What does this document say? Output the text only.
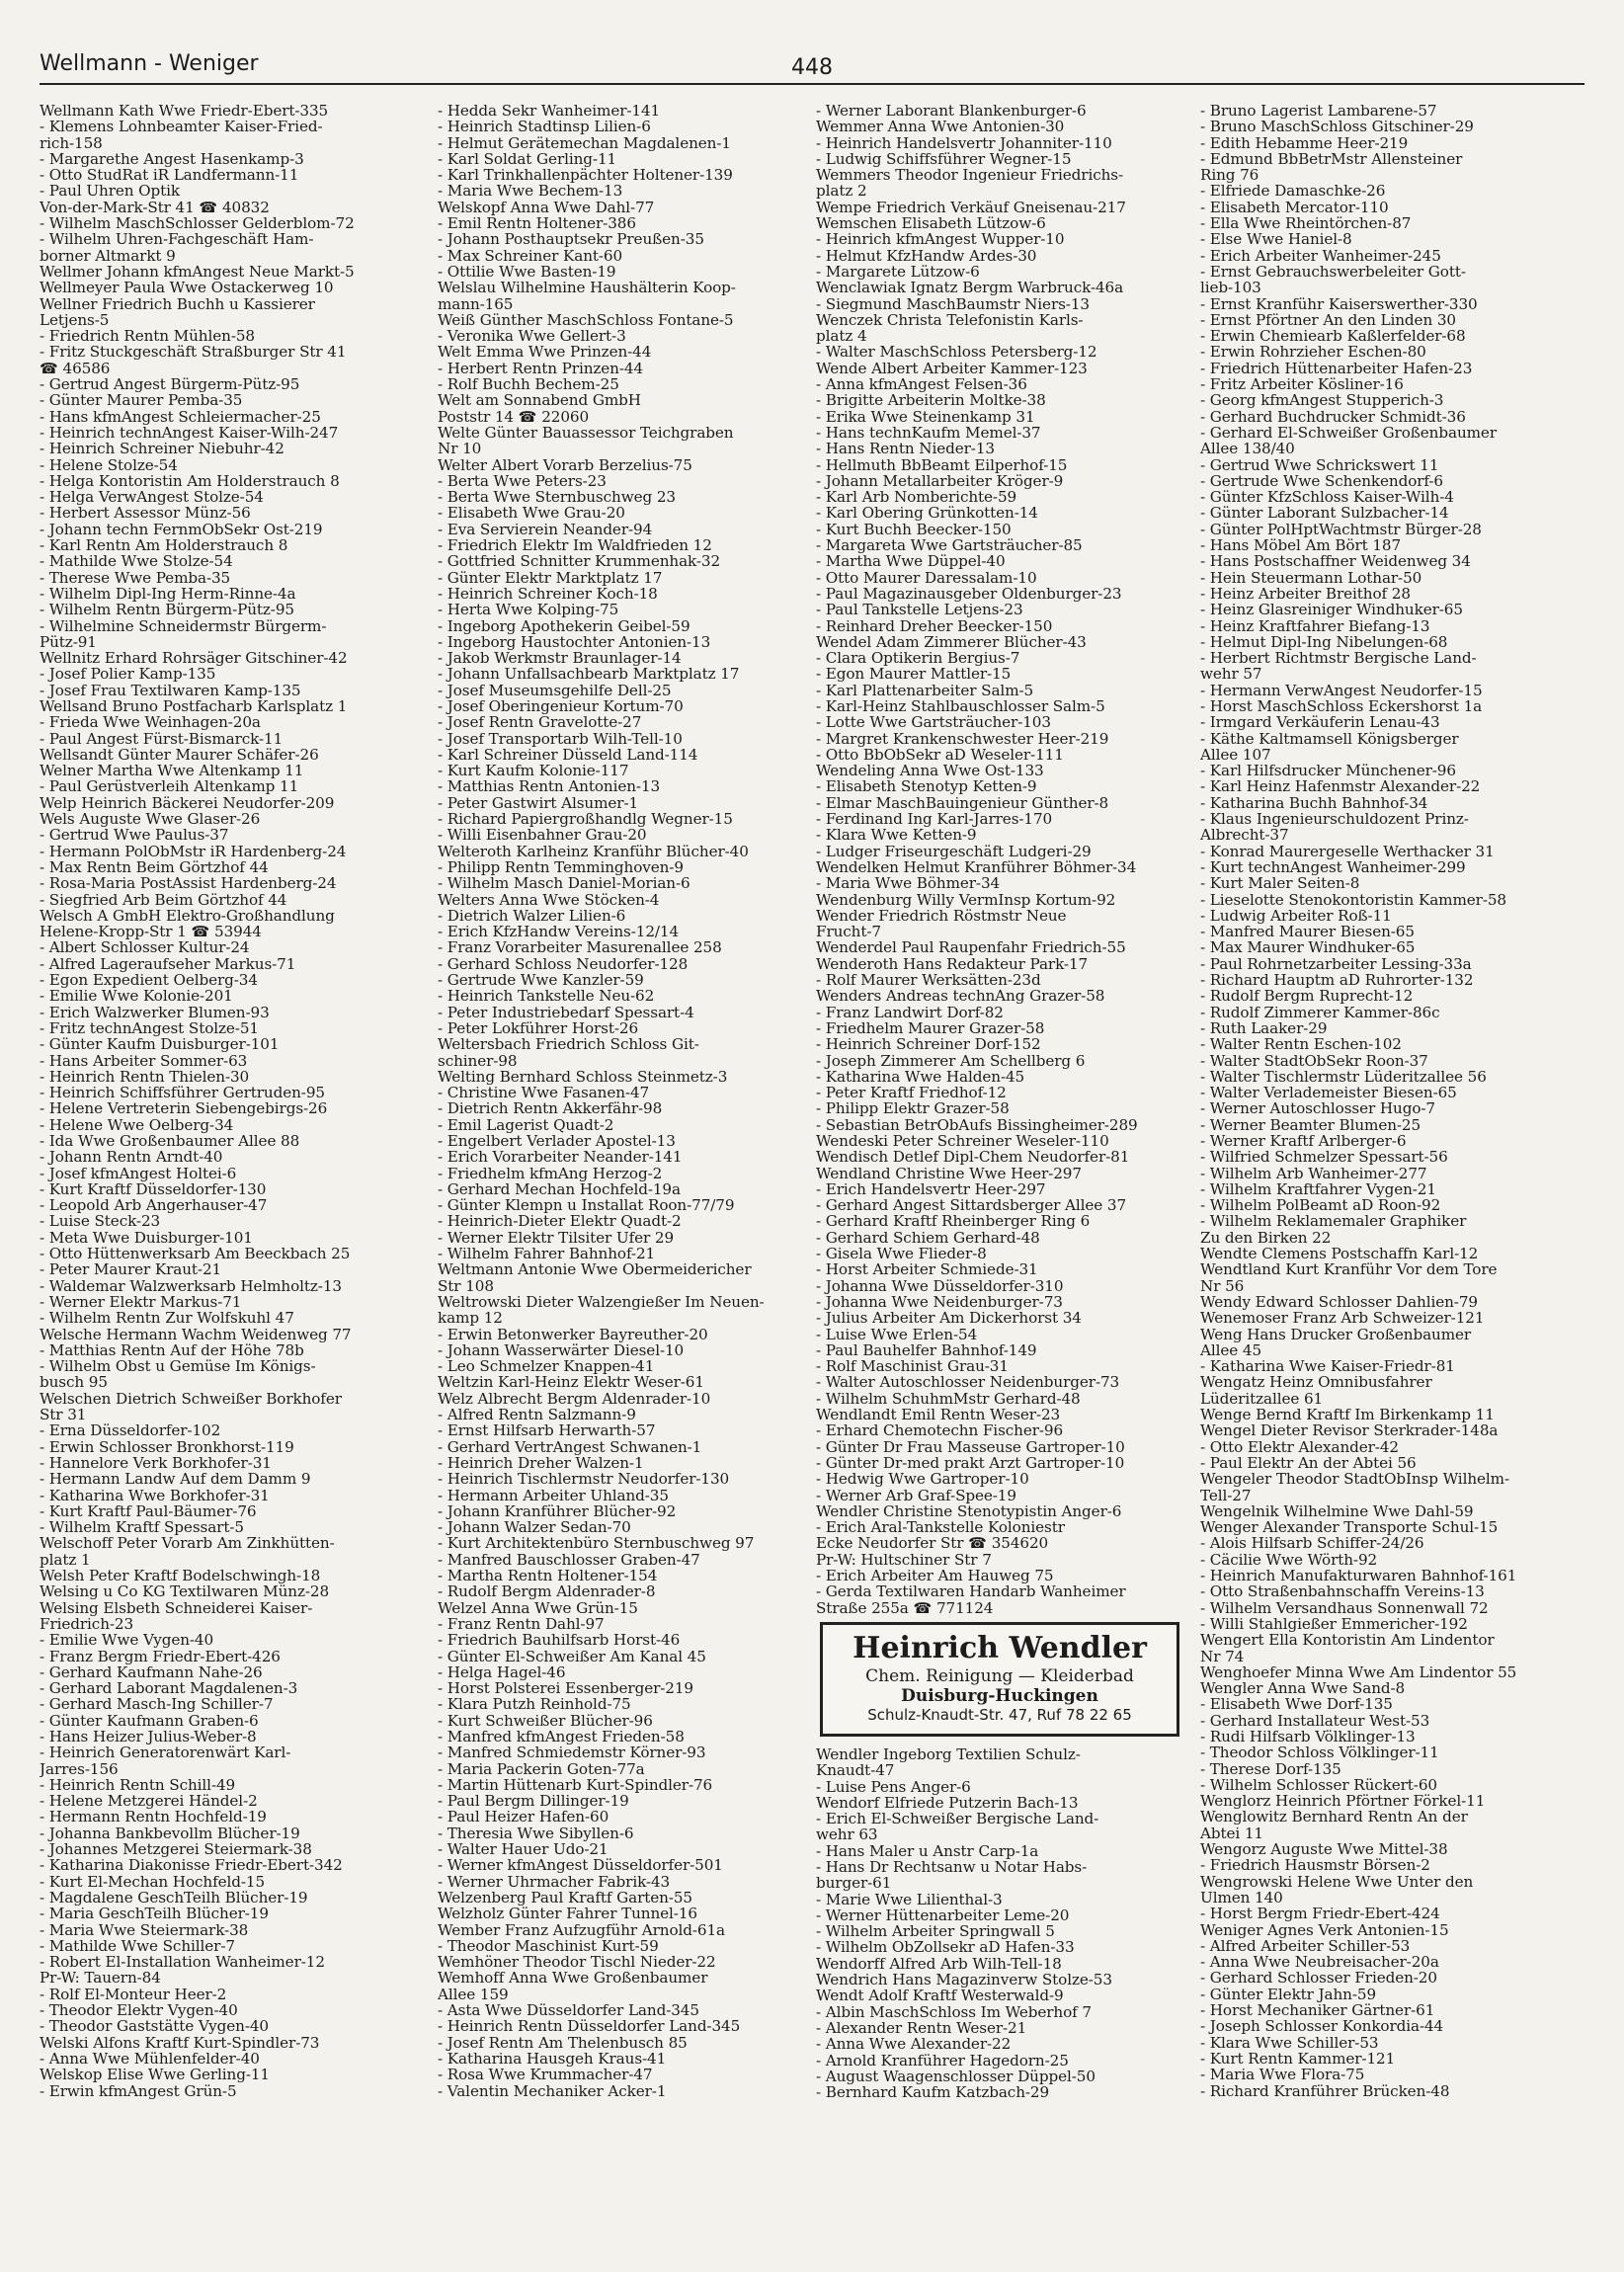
Wellmann - Weniger	448
Wellmann Kath Wwe Friedr-Ebert-335
- Klemens Lohnbeamter Kaiser-Fried-
rich-158
- Margarethe Angest Hasenkamp-3
- Otto StudRat iR Landfermann-11
- Paul Uhren Optik
Von-der-Mark-Str 41 ☎ 40832
- Wilhelm MaschSchlosser Gelderblom-72
- Wilhelm Uhren-Fachgeschäft Ham-
borner Altmarkt 9
Wellmer Johann kfmAngest Neue Markt-5
Wellmeyer Paula Wwe Ostackerweg 10
Wellner Friedrich Buchh u Kassierer
Letjens-5
- Friedrich Rentn Mühlen-58
- Fritz Stuckgeschäft Straßburger Str 41
☎ 46586
- Gertrud Angest Bürgerm-Pütz-95
- Günter Maurer Pemba-35
- Hans kfmAngest Schleiermacher-25
- Heinrich technAngest Kaiser-Wilh-247
- Heinrich Schreiner Niebuhr-42
- Helene Stolze-54
- Helga Kontoristin Am Holderstrauch 8
- Helga VerwAngest Stolze-54
- Herbert Assessor Münz-56
- Johann techn FernmObSekr Ost-219
- Karl Rentn Am Holderstrauch 8
- Mathilde Wwe Stolze-54
- Therese Wwe Pemba-35
- Wilhelm Dipl-Ing Herm-Rinne-4a
- Wilhelm Rentn Bürgerm-Pütz-95
- Wilhelmine Schneidermstr Bürgerm-
Pütz-91
Wellnitz Erhard Rohrsäger Gitschiner-42
- Josef Polier Kamp-135
- Josef Frau Textilwaren Kamp-135
Wellsand Bruno Postfacharb Karlsplatz 1
- Frieda Wwe Weinhagen-20a
- Paul Angest Fürst-Bismarck-11
Wellsandt Günter Maurer Schäfer-26
Welner Martha Wwe Altenkamp 11
- Paul Gerüstverleih Altenkamp 11
Welp Heinrich Bäckerei Neudorfer-209
Wels Auguste Wwe Glaser-26
- Gertrud Wwe Paulus-37
- Hermann PolObMstr iR Hardenberg-24
- Max Rentn Beim Görtzhof 44
- Rosa-Maria PostAssist Hardenberg-24
- Siegfried Arb Beim Görtzhof 44
Welsch A GmbH Elektro-Großhandlung
Helene-Kropp-Str 1 ☎ 53944
- Albert Schlosser Kultur-24
- Alfred Lageraufseher Markus-71
- Egon Expedient Oelberg-34
- Emilie Wwe Kolonie-201
- Erich Walzwerker Blumen-93
- Fritz technAngest Stolze-51
- Günter Kaufm Duisburger-101
- Hans Arbeiter Sommer-63
- Heinrich Rentn Thielen-30
- Heinrich Schiffsführer Gertruden-95
- Helene Vertreterin Siebengebirgs-26
- Helene Wwe Oelberg-34
- Ida Wwe Großenbaumer Allee 88
- Johann Rentn Arndt-40
- Josef kfmAngest Holtei-6
- Kurt Kraftf Düsseldorfer-130
- Leopold Arb Angerhauser-47
- Luise Steck-23
- Meta Wwe Duisburger-101
- Otto Hüttenwerksarb Am Beeckbach 25
- Peter Maurer Kraut-21
- Waldemar Walzwerksarb Helmholtz-13
- Werner Elektr Markus-71
- Wilhelm Rentn Zur Wolfskuhl 47
Welsche Hermann Wachm Weidenweg 77
- Matthias Rentn Auf der Höhe 78b
- Wilhelm Obst u Gemüse Im Königs-
busch 95
Welschen Dietrich Schweißer Borkhofer
Str 31
- Erna Düsseldorfer-102
- Erwin Schlosser Bronkhorst-119
- Hannelore Verk Borkhofer-31
- Hermann Landw Auf dem Damm 9
- Katharina Wwe Borkhofer-31
- Kurt Kraftf Paul-Bäumer-76
- Wilhelm Kraftf Spessart-5
Welschoff Peter Vorarb Am Zinkhütten-
platz 1
Welsh Peter Kraftf Bodelschwingh-18
Welsing u Co KG Textilwaren Münz-28
Welsing Elsbeth Schneiderei Kaiser-
Friedrich-23
- Emilie Wwe Vygen-40
- Franz Bergm Friedr-Ebert-426
- Gerhard Kaufmann Nahe-26
- Gerhard Laborant Magdalenen-3
- Gerhard Masch-Ing Schiller-7
- Günter Kaufmann Graben-6
- Hans Heizer Julius-Weber-8
- Heinrich Generatorenwärt Karl-
Jarres-156
- Heinrich Rentn Schill-49
- Helene Metzgerei Händel-2
- Hermann Rentn Hochfeld-19
- Johanna Bankbevollm Blücher-19
- Johannes Metzgerei Steiermark-38
- Katharina Diakonisse Friedr-Ebert-342
- Kurt El-Mechan Hochfeld-15
- Magdalene GeschTeilh Blücher-19
- Maria GeschTeilh Blücher-19
- Maria Wwe Steiermark-38
- Mathilde Wwe Schiller-7
- Robert El-Installation Wanheimer-12
Pr-W: Tauern-84
- Rolf El-Monteur Heer-2
- Theodor Elektr Vygen-40
- Theodor Gaststätte Vygen-40
Welski Alfons Kraftf Kurt-Spindler-73
- Anna Wwe Mühlenfelder-40
Welskop Elise Wwe Gerling-11
- Erwin kfmAngest Grün-5
- Hedda Sekr Wanheimer-141
- Heinrich Stadtinsp Lilien-6
- Helmut Gerätemechan Magdalenen-1
- Karl Soldat Gerling-11
- Karl Trinkhallenpächter Holtener-139
- Maria Wwe Bechem-13
Welskopf Anna Wwe Dahl-77
- Emil Rentn Holtener-386
- Johann Posthauptsekr Preußen-35
- Max Schreiner Kant-60
- Ottilie Wwe Basten-19
Welslau Wilhelmine Haushälterin Koop-
mann-165
Weiß Günther MaschSchloss Fontane-5
- Veronika Wwe Gellert-3
Welt Emma Wwe Prinzen-44
- Herbert Rentn Prinzen-44
- Rolf Buchh Bechem-25
Welt am Sonnabend GmbH
Poststr 14 ☎ 22060
Welte Günter Bauassessor Teichgraben
Nr 10
Welter Albert Vorarb Berzelius-75
- Berta Wwe Peters-23
- Berta Wwe Sternbuschweg 23
- Elisabeth Wwe Grau-20
- Eva Servierein Neander-94
- Friedrich Elektr Im Waldfrieden 12
- Gottfried Schnitter Krummenhak-32
- Günter Elektr Marktplatz 17
- Heinrich Schreiner Koch-18
- Herta Wwe Kolping-75
- Ingeborg Apothekerin Geibel-59
- Ingeborg Haustochter Antonien-13
- Jakob Werkmstr Braunlager-14
- Johann Unfallsachbearb Marktplatz 17
- Josef Museumsgehilfe Dell-25
- Josef Oberingenieur Kortum-70
- Josef Rentn Gravelotte-27
- Josef Transportarb Wilh-Tell-10
- Karl Schreiner Düsseld Land-114
- Kurt Kaufm Kolonie-117
- Matthias Rentn Antonien-13
- Peter Gastwirt Alsumer-1
- Richard Papiergroßhandlg Wegner-15
- Willi Eisenbahner Grau-20
Welteroth Karlheinz Kranführ Blücher-40
- Philipp Rentn Temminghoven-9
- Wilhelm Masch Daniel-Morian-6
Welters Anna Wwe Stöcken-4
- Dietrich Walzer Lilien-6
- Erich KfzHandw Vereins-12/14
- Franz Vorarbeiter Masurenallee 258
- Gerhard Schloss Neudorfer-128
- Gertrude Wwe Kanzler-59
- Heinrich Tankstelle Neu-62
- Peter Industriebedarf Spessart-4
- Peter Lokführer Horst-26
Weltersbach Friedrich Schloss Git-
schiner-98
Welting Bernhard Schloss Steinmetz-3
- Christine Wwe Fasanen-47
- Dietrich Rentn Akkerfähr-98
- Emil Lagerist Quadt-2
- Engelbert Verlader Apostel-13
- Erich Vorarbeiter Neander-141
- Friedhelm kfmAng Herzog-2
- Gerhard Mechan Hochfeld-19a
- Günter Klempn u Installat Roon-77/79
- Heinrich-Dieter Elektr Quadt-2
- Werner Elektr Tilsiter Ufer 29
- Wilhelm Fahrer Bahnhof-21
Weltmann Antonie Wwe Obermeidericher
Str 108
Weltrowski Dieter Walzengießer Im Neuen-
kamp 12
- Erwin Betonwerker Bayreuther-20
- Johann Wasserwärter Diesel-10
- Leo Schmelzer Knappen-41
Weltzin Karl-Heinz Elektr Weser-61
Welz Albrecht Bergm Aldenrader-10
- Alfred Rentn Salzmann-9
- Ernst Hilfsarb Herwarth-57
- Gerhard VertrAngest Schwanen-1
- Heinrich Dreher Walzen-1
- Heinrich Tischlermstr Neudorfer-130
- Hermann Arbeiter Uhland-35
- Johann Kranführer Blücher-92
- Johann Walzer Sedan-70
- Kurt Architektenbüro Sternbuschweg 97
- Manfred Bauschlosser Graben-47
- Martha Rentn Holtener-154
- Rudolf Bergm Aldenrader-8
Welzel Anna Wwe Grün-15
- Franz Rentn Dahl-97
- Friedrich Bauhilfsarb Horst-46
- Günter El-Schweißer Am Kanal 45
- Helga Hagel-46
- Horst Polsterei Essenberger-219
- Klara Putzh Reinhold-75
- Kurt Schweißer Blücher-96
- Manfred kfmAngest Frieden-58
- Manfred Schmiedemstr Körner-93
- Maria Packerin Goten-77a
- Martin Hüttenarb Kurt-Spindler-76
- Paul Bergm Dillinger-19
- Paul Heizer Hafen-60
- Theresia Wwe Sibyllen-6
- Walter Hauer Udo-21
- Werner kfmAngest Düsseldorfer-501
- Werner Uhrmacher Fabrik-43
Welzenberg Paul Kraftf Garten-55
Welzholz Günter Fahrer Tunnel-16
Wember Franz Aufzugführ Arnold-61a
- Theodor Maschinist Kurt-59
Wemhöner Theodor Tischl Nieder-22
Wemhoff Anna Wwe Großenbaumer
Allee 159
- Asta Wwe Düsseldorfer Land-345
- Heinrich Rentn Düsseldorfer Land-345
- Josef Rentn Am Thelenbusch 85
- Katharina Hausgeh Kraus-41
- Rosa Wwe Krummacher-47
- Valentin Mechaniker Acker-1
- Werner Laborant Blankenburger-6
Wemmer Anna Wwe Antonien-30
- Heinrich Handelsvertr Johanniter-110
- Ludwig Schiffsführer Wegner-15
Wemmers Theodor Ingenieur Friedrichs-
platz 2
Wempe Friedrich Verkäuf Gneisenau-217
Wemschen Elisabeth Lützow-6
- Heinrich kfmAngest Wupper-10
- Helmut KfzHandw Ardes-30
- Margarete Lützow-6
Wenclawiak Ignatz Bergm Warbruck-46a
- Siegmund MaschBaumstr Niers-13
Wenczek Christa Telefonistin Karls-
platz 4
- Walter MaschSchloss Petersberg-12
Wende Albert Arbeiter Kammer-123
- Anna kfmAngest Felsen-36
- Brigitte Arbeiterin Moltke-38
- Erika Wwe Steinenkamp 31
- Hans technKaufm Memel-37
- Hans Rentn Nieder-13
- Hellmuth BbBeamt Eilperhof-15
- Johann Metallarbeiter Kröger-9
- Karl Arb Nomberichte-59
- Karl Obering Grünkotten-14
- Kurt Buchh Beecker-150
- Margareta Wwe Gartsträucher-85
- Martha Wwe Düppel-40
- Otto Maurer Daressalam-10
- Paul Magazinausgeber Oldenburger-23
- Paul Tankstelle Letjens-23
- Reinhard Dreher Beecker-150
Wendel Adam Zimmerer Blücher-43
- Clara Optikerin Bergius-7
- Egon Maurer Mattler-15
- Karl Plattenarbeiter Salm-5
- Karl-Heinz Stahlbauschlosser Salm-5
- Lotte Wwe Gartsträucher-103
- Margret Krankenschwester Heer-219
- Otto BbObSekr aD Weseler-111
Wendeling Anna Wwe Ost-133
- Elisabeth Stenotyp Ketten-9
- Elmar MaschBauingenieur Günther-8
- Ferdinand Ing Karl-Jarres-170
- Klara Wwe Ketten-9
- Ludger Friseurgeschäft Ludgeri-29
Wendelken Helmut Kranführer Böhmer-34
- Maria Wwe Böhmer-34
Wendenburg Willy VermInsp Kortum-92
Wender Friedrich Röstmstr Neue
Frucht-7
Wenderdel Paul Raupenfahr Friedrich-55
Wenderoth Hans Redakteur Park-17
- Rolf Maurer Werksätten-23d
Wenders Andreas technAng Grazer-58
- Franz Landwirt Dorf-82
- Friedhelm Maurer Grazer-58
- Heinrich Schreiner Dorf-152
- Joseph Zimmerer Am Schellberg 6
- Katharina Wwe Halden-45
- Peter Kraftf Friedhof-12
- Philipp Elektr Grazer-58
- Sebastian BetrObAufs Bissingheimer-289
Wendeski Peter Schreiner Weseler-110
Wendisch Detlef Dipl-Chem Neudorfer-81
Wendland Christine Wwe Heer-297
- Erich Handelsvertr Heer-297
- Gerhard Angest Sittardsberger Allee 37
- Gerhard Kraftf Rheinberger Ring 6
- Gerhard Schiem Gerhard-48
- Gisela Wwe Flieder-8
- Horst Arbeiter Schmiede-31
- Johanna Wwe Düsseldorfer-310
- Johanna Wwe Neidenburger-73
- Julius Arbeiter Am Dickerhorst 34
- Luise Wwe Erlen-54
- Paul Bauhelfer Bahnhof-149
- Rolf Maschinist Grau-31
- Walter Autoschlosser Neidenburger-73
- Wilhelm SchuhmMstr Gerhard-48
Wendlandt Emil Rentn Weser-23
- Erhard Chemotechn Fischer-96
- Günter Dr Frau Masseuse Gartroper-10
- Günter Dr-med prakt Arzt Gartroper-10
- Hedwig Wwe Gartroper-10
- Werner Arb Graf-Spee-19
Wendler Christine Stenotypistin Anger-6
- Erich Aral-Tankstelle Koloniestr
Ecke Neudorfer Str ☎ 354620
Pr-W: Hultschiner Str 7
- Erich Arbeiter Am Hauweg 75
- Gerda Textilwaren Handarb Wanheimer
Straße 255a ☎ 771124
Heinrich Wendler
Chem. Reinigung — Kleiderbad
Duisburg-Huckingen
Schulz-Knaudt-Str. 47, Ruf 78 22 65
Wendler Ingeborg Textilien Schulz-
Knaudt-47
- Luise Pens Anger-6
Wendorf Elfriede Putzerin Bach-13
- Erich El-Schweißer Bergische Land-
wehr 63
- Hans Maler u Anstr Carp-1a
- Hans Dr Rechtsanw u Notar Habs-
burger-61
- Marie Wwe Lilienthal-3
- Werner Hüttenarbeiter Leme-20
- Wilhelm Arbeiter Springwall 5
- Wilhelm ObZollsekr aD Hafen-33
Wendorff Alfred Arb Wilh-Tell-18
Wendrich Hans Magazinverw Stolze-53
Wendt Adolf Kraftf Westerwald-9
- Albin MaschSchloss Im Weberhof 7
- Alexander Rentn Weser-21
- Anna Wwe Alexander-22
- Arnold Kranführer Hagedorn-25
- August Waagenschlosser Düppel-50
- Bernhard Kaufm Katzbach-29
- Bruno Lagerist Lambarene-57
- Bruno MaschSchloss Gitschiner-29
- Edith Hebamme Heer-219
- Edmund BbBetrMstr Allensteiner
Ring 76
- Elfriede Damaschke-26
- Elisabeth Mercator-110
- Ella Wwe Rheintörchen-87
- Else Wwe Haniel-8
- Erich Arbeiter Wanheimer-245
- Ernst Gebrauchswerbeleiter Gott-
lieb-103
- Ernst Kranführ Kaiserswerther-330
- Ernst Pförtner An den Linden 30
- Erwin Chemiearb Kaßlerfelder-68
- Erwin Rohrzieher Eschen-80
- Friedrich Hüttenarbeiter Hafen-23
- Fritz Arbeiter Kösliner-16
- Georg kfmAngest Stupperich-3
- Gerhard Buchdrucker Schmidt-36
- Gerhard El-Schweißer Großenbaumer
Allee 138/40
- Gertrud Wwe Schrickswert 11
- Gertrude Wwe Schenkendorf-6
- Günter KfzSchloss Kaiser-Wilh-4
- Günter Laborant Sulzbacher-14
- Günter PolHptWachtmstr Bürger-28
- Hans Möbel Am Bört 187
- Hans Postschaffner Weidenweg 34
- Hein Steuermann Lothar-50
- Heinz Arbeiter Breithof 28
- Heinz Glasreiniger Windhuker-65
- Heinz Kraftfahrer Biefang-13
- Helmut Dipl-Ing Nibelungen-68
- Herbert Richtmstr Bergische Land-
wehr 57
- Hermann VerwAngest Neudorfer-15
- Horst MaschSchloss Eckershorst 1a
- Irmgard Verkäuferin Lenau-43
- Käthe Kaltmamsell Königsberger
Allee 107
- Karl Hilfsdrucker Münchener-96
- Karl Heinz Hafenmstr Alexander-22
- Katharina Buchh Bahnhof-34
- Klaus Ingenieurschuldozent Prinz-
Albrecht-37
- Konrad Maurergeselle Werthacker 31
- Kurt technAngest Wanheimer-299
- Kurt Maler Seiten-8
- Lieselotte Stenokontoristin Kammer-58
- Ludwig Arbeiter Roß-11
- Manfred Maurer Biesen-65
- Max Maurer Windhuker-65
- Paul Rohrnetzarbeiter Lessing-33a
- Richard Hauptm aD Ruhrorter-132
- Rudolf Bergm Ruprecht-12
- Rudolf Zimmerer Kammer-86c
- Ruth Laaker-29
- Walter Rentn Eschen-102
- Walter StadtObSekr Roon-37
- Walter Tischlermstr Lüderitzallee 56
- Walter Verlademeister Biesen-65
- Werner Autoschlosser Hugo-7
- Werner Beamter Blumen-25
- Werner Kraftf Arlberger-6
- Wilfried Schmelzer Spessart-56
- Wilhelm Arb Wanheimer-277
- Wilhelm Kraftfahrer Vygen-21
- Wilhelm PolBeamt aD Roon-92
- Wilhelm Reklamemaler Graphiker
Zu den Birken 22
Wendte Clemens Postschaffn Karl-12
Wendtland Kurt Kranführ Vor dem Tore
Nr 56
Wendy Edward Schlosser Dahlien-79
Wenemoser Franz Arb Schweizer-121
Weng Hans Drucker Großenbaumer
Allee 45
- Katharina Wwe Kaiser-Friedr-81
Wengatz Heinz Omnibusfahrer
Lüderitzallee 61
Wenge Bernd Kraftf Im Birkenkamp 11
Wengel Dieter Revisor Sterkrader-148a
- Otto Elektr Alexander-42
- Paul Elektr An der Abtei 56
Wengeler Theodor StadtObInsp Wilhelm-
Tell-27
Wengelnik Wilhelmine Wwe Dahl-59
Wenger Alexander Transporte Schul-15
- Alois Hilfsarb Schiffer-24/26
- Cäcilie Wwe Wörth-92
- Heinrich Manufakturwaren Bahnhof-161
- Otto Straßenbahnschaffn Vereins-13
- Wilhelm Versandhaus Sonnenwall 72
- Willi Stahlgießer Emmericher-192
Wengert Ella Kontoristin Am Lindentor
Nr 74
Wenghoefer Minna Wwe Am Lindentor 55
Wengler Anna Wwe Sand-8
- Elisabeth Wwe Dorf-135
- Gerhard Installateur West-53
- Rudi Hilfsarb Völklinger-13
- Theodor Schloss Völklinger-11
- Therese Dorf-135
- Wilhelm Schlosser Rückert-60
Wenglorz Heinrich Pförtner Förkel-11
Wenglowitz Bernhard Rentn An der
Abtei 11
Wengorz Auguste Wwe Mittel-38
- Friedrich Hausmstr Börsen-2
Wengrowski Helene Wwe Unter den
Ulmen 140
- Horst Bergm Friedr-Ebert-424
Weniger Agnes Verk Antonien-15
- Alfred Arbeiter Schiller-53
- Anna Wwe Neubreisacher-20a
- Gerhard Schlosser Frieden-20
- Günter Elektr Jahn-59
- Horst Mechaniker Gärtner-61
- Joseph Schlosser Konkordia-44
- Klara Wwe Schiller-53
- Kurt Rentn Kammer-121
- Maria Wwe Flora-75
- Richard Kranführer Brücken-48
